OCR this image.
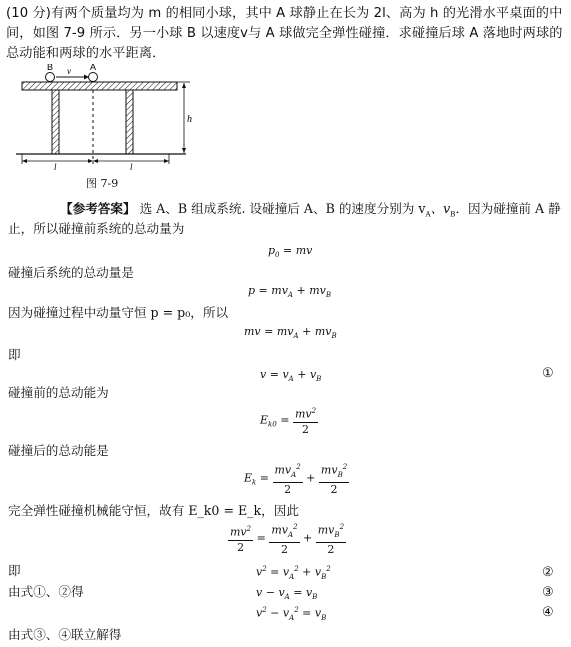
(10 分)有两个质量均为 m 的相同小球，其中 A 球静止在长为 2l、高为 h 的光滑水平桌面的中间，如图 7-9 所示．另一小球 B 以速度v与 A 球做完全弹性碰撞．求碰撞后球 A 落地时两球的总动能和两球的水平距离．
B	A
v
h
l	l
图 7-9
【参考答案】 选 A、B 组成系统. 设碰撞后 A、B 的速度分别为 $v_A$、$v_B$．因为碰撞前 A 静
止，所以碰撞前系统的总动量为
$p_0$ = mv
碰撞后系统的总动量是
$p = mv_A + mv_B$
因为碰撞过程中动量守恒 p = p₀，所以
mv = $mv_A + mv_B$
即
$v = v_A + v_B$	①
碰撞前的总动能为
$E_{k0} = \frac{mv^2}{2}$
碰撞后的总动能是
$E_k = \frac{mv_A^2}{2} + \frac{mv_B^2}{2}$
完全弹性碰撞机械能守恒，故有 E_k0 = E_k，因此
$\frac{mv^2}{2} = \frac{mv_A^2}{2} + \frac{mv_B^2}{2}$
即	$v^2 = v_A^2 + v_B^2$	②
由式①、②得	$v - v_A = v_B$	③
$v^2 - v_A^2 = v_B$	④
由式③、④联立解得
